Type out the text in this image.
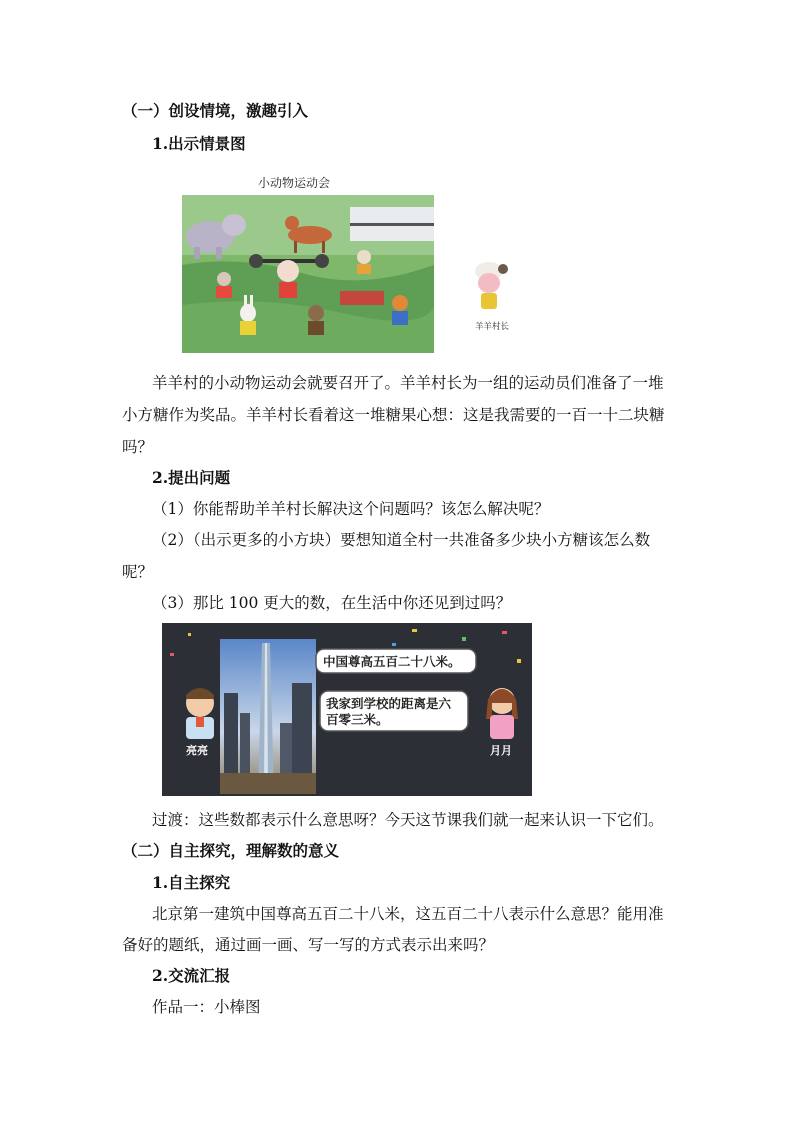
（一）创设情境，激趣引入
1.出示情景图
小动物运动会
羊羊村长
羊羊村的小动物运动会就要召开了。羊羊村长为一组的运动员们准备了一堆
小方糖作为奖品。羊羊村长看着这一堆糖果心想：这是我需要的一百一十二块糖
吗？
2.提出问题
（1）你能帮助羊羊村长解决这个问题吗？该怎么解决呢？
（2）（出示更多的小方块）要想知道全村一共准备多少块小方糖该怎么数
呢？
（3）那比 100 更大的数，在生活中你还见到过吗？
中国尊高五百二十八米。
我家到学校的距离是六
百零三米。
亮亮	月月
过渡：这些数都表示什么意思呀？今天这节课我们就一起来认识一下它们。
（二）自主探究，理解数的意义
1.自主探究
北京第一建筑中国尊高五百二十八米，这五百二十八表示什么意思？能用准
备好的题纸，通过画一画、写一写的方式表示出来吗？
2.交流汇报
作品一：小棒图
